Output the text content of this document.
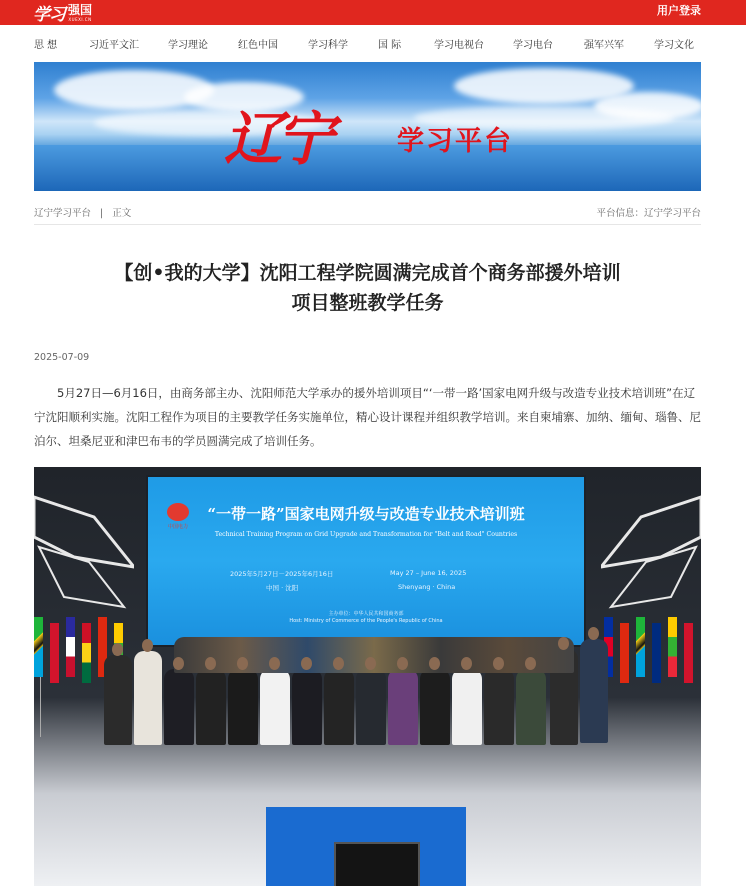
学习 强国
XUEXI.CN
用户登录
思 想	习近平文汇	学习理论	红色中国	学习科学	国 际	学习电视台	学习电台	强军兴军	学习文化
辽宁	学习平台
辽宁学习平台 | 正文	平台信息：辽宁学习平台
【创•我的大学】沈阳工程学院圆满完成首个商务部援外培训
项目整班教学任务
2025-07-09

5月27日—6月16日，由商务部主办、沈阳师范大学承办的援外培训项目“‘一带一路’国家电网升级与改造专业技术培训班”在辽宁沈阳顺利实施。沈阳工程作为项目的主要教学任务实施单位，精心设计课程并组织教学培训。来自柬埔寨、加纳、缅甸、瑙鲁、尼泊尔、坦桑尼亚和津巴布韦的学员圆满完成了培训任务。

中国电力
“一带一路”国家电网升级与改造专业技术培训班
Technical Training Program on Grid Upgrade and Transformation for "Belt and Road" Countries
2025年5月27日－2025年6月16日	May 27 – June 16, 2025
中国 · 沈阳	Shenyang · China
主办单位：中华人民共和国商务部
Host: Ministry of Commerce of the People's Republic of China
